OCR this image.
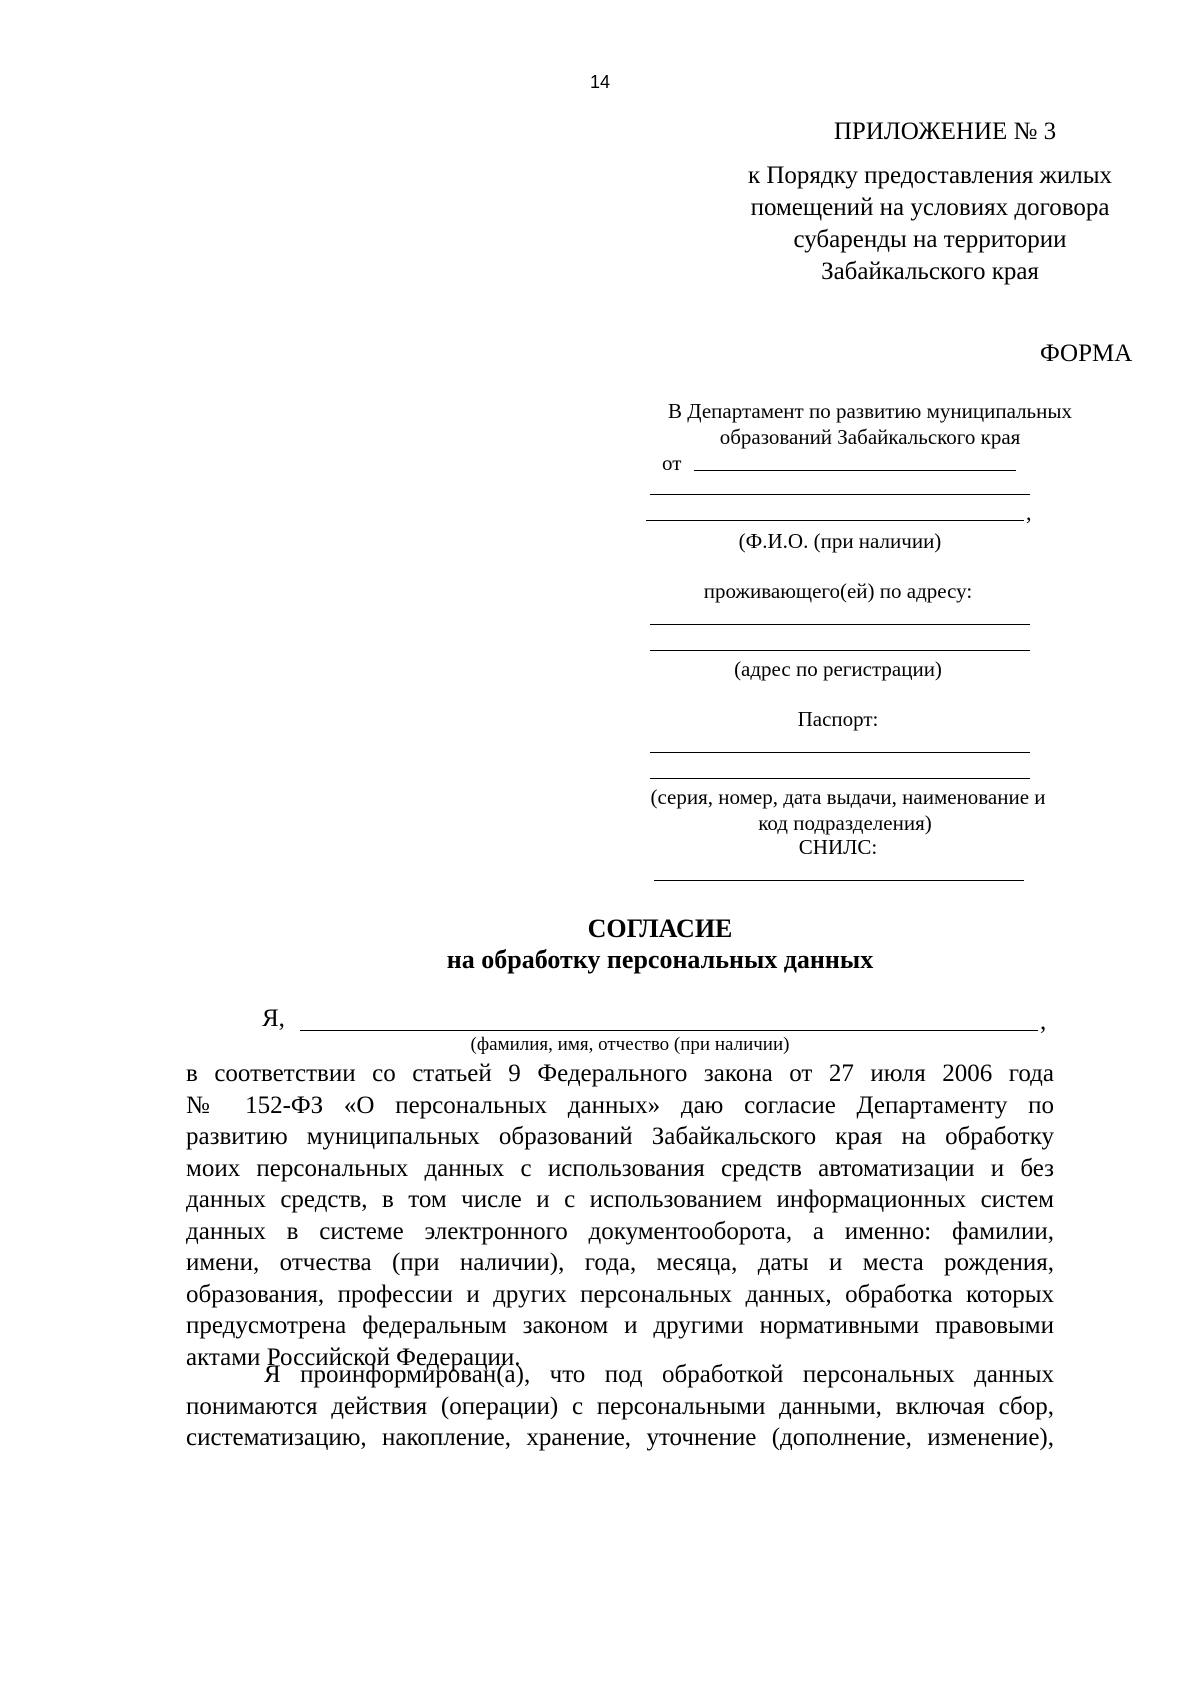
14
ПРИЛОЖЕНИЕ № 3
к Порядку предоставления жилых
помещений на условиях договора
субаренды на территории
Забайкальского края
ФОРМА
В Департамент по развитию муниципальных
образований Забайкальского края
от
,
(Ф.И.О. (при наличии)
проживающего(ей) по адресу:
(адрес по регистрации)
Паспорт:
(серия, номер, дата выдачи, наименование и
код подразделения)
СНИЛС:
СОГЛАСИЕ
на обработку персональных данных
Я,	,
(фамилия, имя, отчество (при наличии)
в соответствии со статьей 9 Федерального закона от 27 июля 2006 года
№ 152-ФЗ «О персональных данных» даю согласие Департаменту по
развитию муниципальных образований Забайкальского края на обработку
моих персональных данных с использования средств автоматизации и без
данных средств, в том числе и с использованием информационных систем
данных в системе электронного документооборота, а именно: фамилии,
имени, отчества (при наличии), года, месяца, даты и места рождения,
образования, профессии и других персональных данных, обработка которых
предусмотрена федеральным законом и другими нормативными правовыми
актами Российской Федерации.
Я проинформирован(а), что под обработкой персональных данных
понимаются действия (операции) с персональными данными, включая сбор,
систематизацию, накопление, хранение, уточнение (дополнение, изменение),
